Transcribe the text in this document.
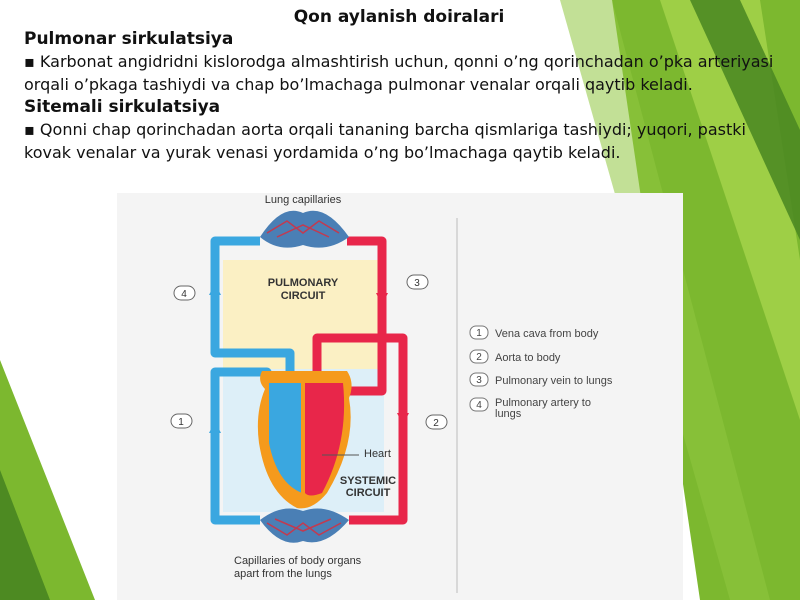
Qon aylanish doiralari
Pulmonar sirkulatsiya
▪ Karbonat angidridni kislorodga almashtirish uchun, qonni o’ng qorinchadan o’pka arteriyasi orqali o’pkaga tashiydi va chap bo’lmachaga pulmonar venalar orqali qaytib keladi.
Sitemali sirkulatsiya
▪ Qonni chap qorinchadan aorta orqali tananing barcha qismlariga tashiydi; yuqori, pastki kovak venalar va yurak venasi yordamida o’ng bo’lmachaga qaytib keladi.
Lung capillaries
PULMONARY
CIRCUIT
Heart
SYSTEMIC
CIRCUIT
Capillaries of body organs
apart from the lungs
4
3
1	2
1 Vena cava from body
2 Aorta to body
3 Pulmonary vein to lungs
4 Pulmonary artery to
lungs
